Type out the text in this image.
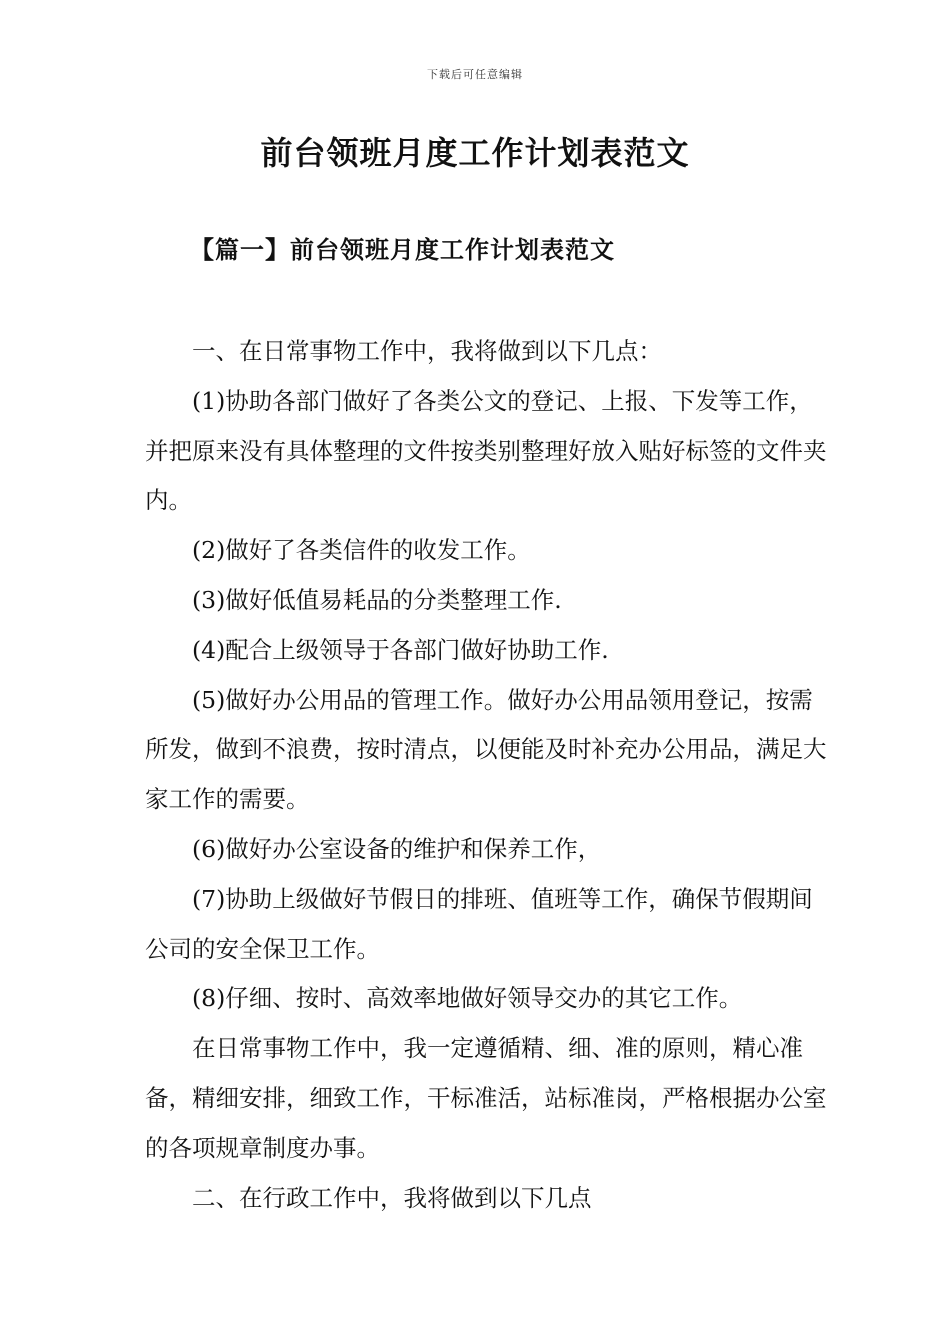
下载后可任意编辑
前台领班月度工作计划表范文
【篇一】前台领班月度工作计划表范文

一、在日常事物工作中，我将做到以下几点：

(1)协助各部门做好了各类公文的登记、上报、下发等工作，并把原来没有具体整理的文件按类别整理好放入贴好标签的文件夹内。

(2)做好了各类信件的收发工作。

(3)做好低值易耗品的分类整理工作.

(4)配合上级领导于各部门做好协助工作.

(5)做好办公用品的管理工作。做好办公用品领用登记，按需所发，做到不浪费，按时清点，以便能及时补充办公用品，满足大家工作的需要。

(6)做好办公室设备的维护和保养工作，

(7)协助上级做好节假日的排班、值班等工作，确保节假期间公司的安全保卫工作。

(8)仔细、按时、高效率地做好领导交办的其它工作。

在日常事物工作中，我一定遵循精、细、准的原则，精心准备，精细安排，细致工作，干标准活，站标准岗，严格根据办公室的各项规章制度办事。

二、在行政工作中，我将做到以下几点
